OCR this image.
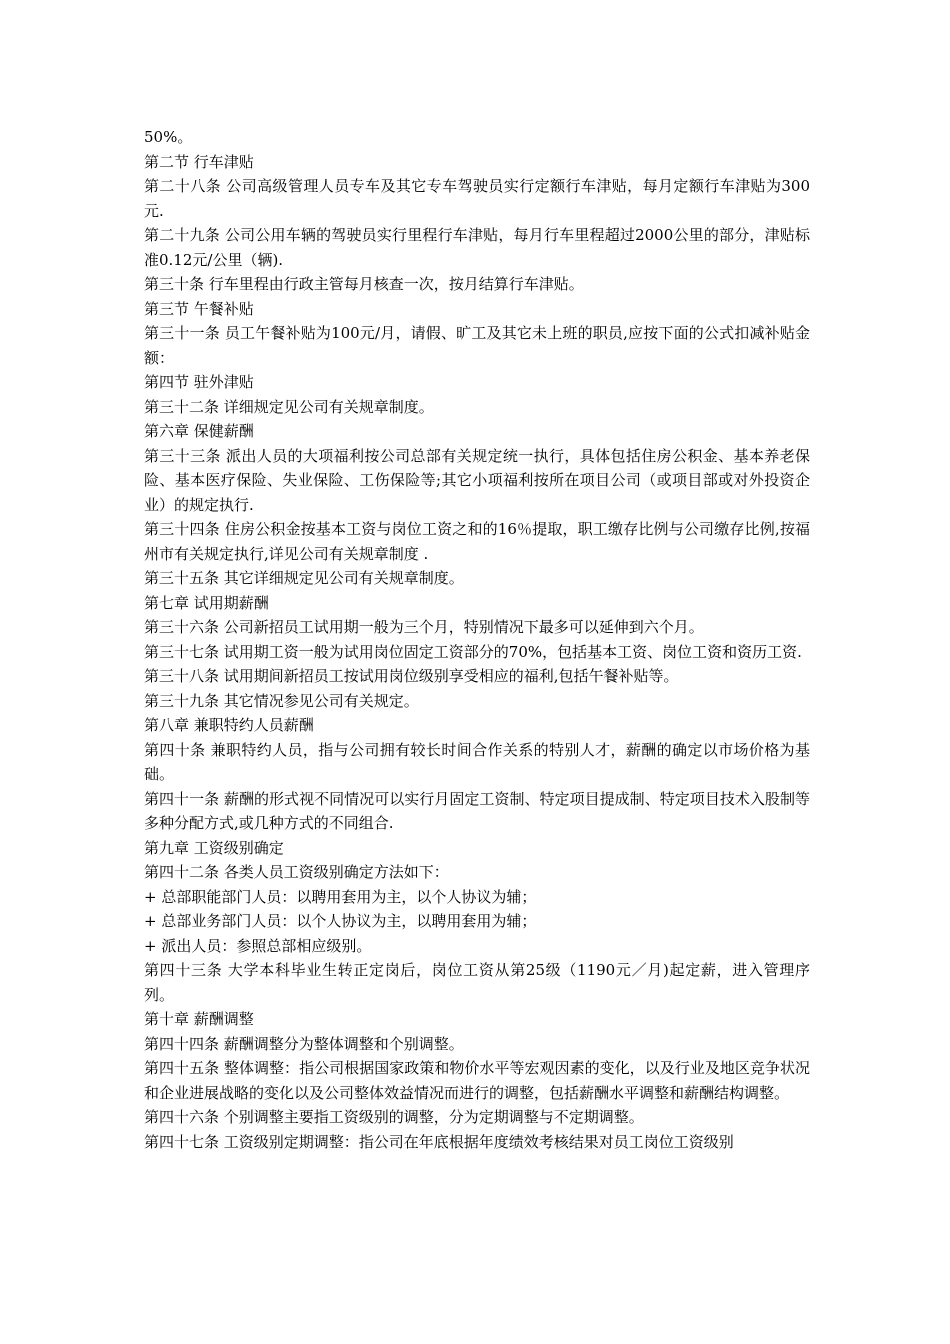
50%。

第二节 行车津贴

第二十八条 公司高级管理人员专车及其它专车驾驶员实行定额行车津贴，每月定额行车津贴为300元.

第二十九条 公司公用车辆的驾驶员实行里程行车津贴，每月行车里程超过2000公里的部分，津贴标准0.12元/公里（辆).

第三十条 行车里程由行政主管每月核查一次，按月结算行车津贴。

第三节 午餐补贴

第三十一条 员工午餐补贴为100元/月，请假、旷工及其它未上班的职员,应按下面的公式扣减补贴金额：

第四节 驻外津贴

第三十二条 详细规定见公司有关规章制度。

第六章 保健薪酬

第三十三条 派出人员的大项福利按公司总部有关规定统一执行，具体包括住房公积金、基本养老保险、基本医疗保险、失业保险、工伤保险等;其它小项福利按所在项目公司（或项目部或对外投资企业）的规定执行.

第三十四条 住房公积金按基本工资与岗位工资之和的16％提取，职工缴存比例与公司缴存比例,按福州市有关规定执行,详见公司有关规章制度 .

第三十五条 其它详细规定见公司有关规章制度。

第七章 试用期薪酬

第三十六条 公司新招员工试用期一般为三个月，特别情况下最多可以延伸到六个月。

第三十七条 试用期工资一般为试用岗位固定工资部分的70%，包括基本工资、岗位工资和资历工资.

第三十八条 试用期间新招员工按试用岗位级别享受相应的福利,包括午餐补贴等。

第三十九条 其它情况参见公司有关规定。

第八章 兼职特约人员薪酬

第四十条 兼职特约人员，指与公司拥有较长时间合作关系的特别人才，薪酬的确定以市场价格为基础。

第四十一条 薪酬的形式视不同情况可以实行月固定工资制、特定项目提成制、特定项目技术入股制等多种分配方式,或几种方式的不同组合.

第九章 工资级别确定

第四十二条 各类人员工资级别确定方法如下：

+ 总部职能部门人员：以聘用套用为主，以个人协议为辅；

+ 总部业务部门人员：以个人协议为主，以聘用套用为辅；

+ 派出人员：参照总部相应级别。

第四十三条 大学本科毕业生转正定岗后，岗位工资从第25级（1190元／月)起定薪，进入管理序列。

第十章 薪酬调整

第四十四条 薪酬调整分为整体调整和个别调整。

第四十五条 整体调整：指公司根据国家政策和物价水平等宏观因素的变化，以及行业及地区竞争状况和企业进展战略的变化以及公司整体效益情况而进行的调整，包括薪酬水平调整和薪酬结构调整。

第四十六条 个别调整主要指工资级别的调整，分为定期调整与不定期调整。

第四十七条 工资级别定期调整：指公司在年底根据年度绩效考核结果对员工岗位工资级别
